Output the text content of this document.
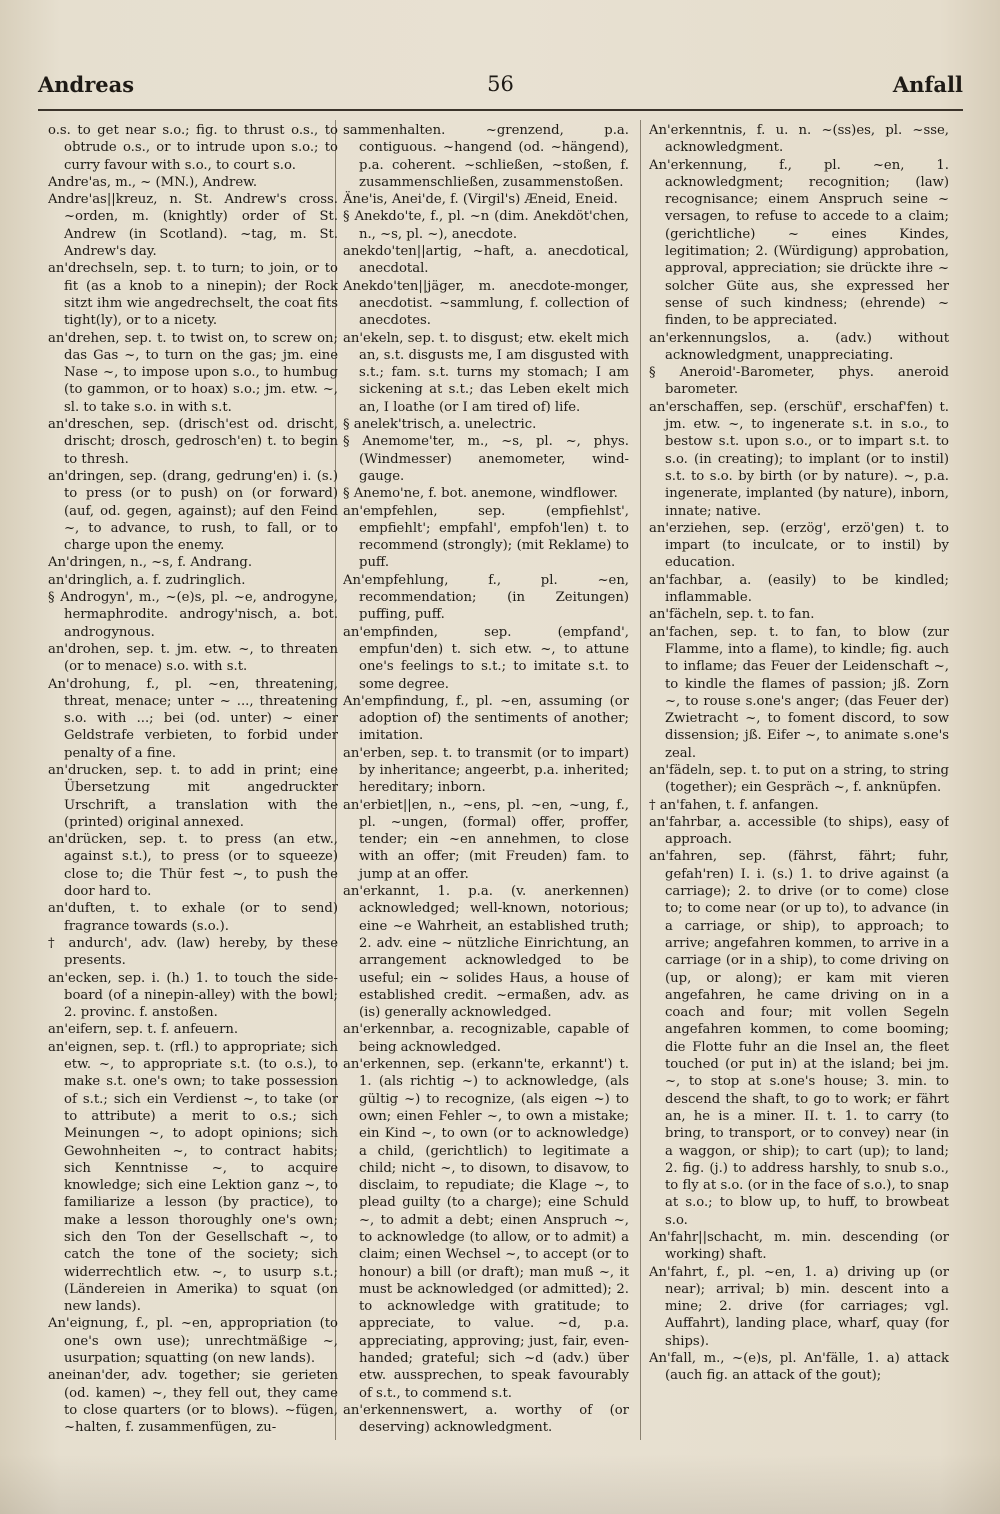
Andreas	56	Anfall

o.s. to get near s.o.; fig. to thrust o.s., to obtrude o.s., or to intrude upon s.o.; to curry favour with s.o., to court s.o.

Andre'as, m., ~ (MN.), Andrew.

Andre'as||kreuz, n. St. Andrew's cross. ~orden, m. (knightly) order of St. Andrew (in Scotland). ~tag, m. St. Andrew's day.

an'drechseln, sep. t. to turn; to join, or to fit (as a knob to a ninepin); der Rock sitzt ihm wie angedrechselt, the coat fits tight(ly), or to a nicety.

an'drehen, sep. t. to twist on, to screw on; das Gas ~, to turn on the gas; jm. eine Nase ~, to impose upon s.o., to humbug (to gammon, or to hoax) s.o.; jm. etw. ~, sl. to take s.o. in with s.t.

an'dreschen, sep. (drisch'est od. drischt, drischt; drosch, gedrosch'en) t. to begin to thresh.

an'dringen, sep. (drang, gedrung'en) i. (s.) to press (or to push) on (or forward) (auf, od. gegen, against); auf den Feind ~, to advance, to rush, to fall, or to charge upon the enemy.

An'dringen, n., ~s, f. Andrang.

an'dringlich, a. f. zudringlich.

§ Androgyn', m., ~(e)s, pl. ~e, androgyne, hermaphrodite. androgy'nisch, a. bot. androgynous.

an'drohen, sep. t. jm. etw. ~, to threaten (or to menace) s.o. with s.t.

An'drohung, f., pl. ~en, threatening, threat, menace; unter ~ ..., threatening s.o. with ...; bei (od. unter) ~ einer Geldstrafe verbieten, to forbid under penalty of a fine.

an'drucken, sep. t. to add in print; eine Übersetzung mit angedruckter Urschrift, a translation with the (printed) original annexed.

an'drücken, sep. t. to press (an etw., against s.t.), to press (or to squeeze) close to; die Thür fest ~, to push the door hard to.

an'duften, t. to exhale (or to send) fragrance towards (s.o.).

† andurch', adv. (law) hereby, by these presents.

an'ecken, sep. i. (h.) 1. to touch the side-board (of a ninepin-alley) with the bowl; 2. provinc. f. anstoßen.

an'eifern, sep. t. f. anfeuern.

an'eignen, sep. t. (rfl.) to appropriate; sich etw. ~, to appropriate s.t. (to o.s.), to make s.t. one's own; to take possession of s.t.; sich ein Verdienst ~, to take (or to attribute) a merit to o.s.; sich Meinungen ~, to adopt opinions; sich Gewohnheiten ~, to contract habits; sich Kenntnisse ~, to acquire knowledge; sich eine Lektion ganz ~, to familiarize a lesson (by practice), to make a lesson thoroughly one's own; sich den Ton der Gesellschaft ~, to catch the tone of the society; sich widerrechtlich etw. ~, to usurp s.t.; (Ländereien in Amerika) to squat (on new lands).

An'eignung, f., pl. ~en, appropriation (to one's own use); unrechtmäßige ~, usurpation; squatting (on new lands).

aneinan'der, adv. together; sie gerieten (od. kamen) ~, they fell out, they came to close quarters (or to blows). ~fügen, ~halten, f. zusammenfügen, zu-

sammenhalten. ~grenzend, p.a. contiguous. ~hangend (od. ~hängend), p.a. coherent. ~schließen, ~stoßen, f. zusammenschließen, zusammenstoßen.

Äne'is, Anei'de, f. (Virgil's) Æneid, Eneid.

§ Anekdo'te, f., pl. ~n (dim. Anekdöt'chen, n., ~s, pl. ~), anecdote.

anekdo'ten||artig, ~haft, a. anecdotical, anecdotal.

Anekdo'ten||jäger, m. anecdote-monger, anecdotist. ~sammlung, f. collection of anecdotes.

an'ekeln, sep. t. to disgust; etw. ekelt mich an, s.t. disgusts me, I am disgusted with s.t.; fam. s.t. turns my stomach; I am sickening at s.t.; das Leben ekelt mich an, I loathe (or I am tired of) life.

§ anelek'trisch, a. unelectric.

§ Anemome'ter, m., ~s, pl. ~, phys. (Windmesser) anemometer, wind-gauge.

§ Anemo'ne, f. bot. anemone, windflower.

an'empfehlen, sep. (empfiehlst', empfiehlt'; empfahl', empfoh'len) t. to recommend (strongly); (mit Reklame) to puff.

An'empfehlung, f., pl. ~en, recommendation; (in Zeitungen) puffing, puff.

an'empfinden, sep. (empfand', empfun'den) t. sich etw. ~, to attune one's feelings to s.t.; to imitate s.t. to some degree.

An'empfindung, f., pl. ~en, assuming (or adoption of) the sentiments of another; imitation.

an'erben, sep. t. to transmit (or to impart) by inheritance; angeerbt, p.a. inherited; hereditary; inborn.

an'erbiet||en, n., ~ens, pl. ~en, ~ung, f., pl. ~ungen, (formal) offer, proffer, tender; ein ~en annehmen, to close with an offer; (mit Freuden) fam. to jump at an offer.

an'erkannt, 1. p.a. (v. anerkennen) acknowledged; well-known, notorious; eine ~e Wahrheit, an established truth; 2. adv. eine ~ nützliche Einrichtung, an arrangement acknowledged to be useful; ein ~ solides Haus, a house of established credit. ~ermaßen, adv. as (is) generally acknowledged.

an'erkennbar, a. recognizable, capable of being acknowledged.

an'erkennen, sep. (erkann'te, erkannt') t. 1. (als richtig ~) to acknowledge, (als gültig ~) to recognize, (als eigen ~) to own; einen Fehler ~, to own a mistake; ein Kind ~, to own (or to acknowledge) a child, (gerichtlich) to legitimate a child; nicht ~, to disown, to disavow, to disclaim, to repudiate; die Klage ~, to plead guilty (to a charge); eine Schuld ~, to admit a debt; einen Anspruch ~, to acknowledge (to allow, or to admit) a claim; einen Wechsel ~, to accept (or to honour) a bill (or draft); man muß ~, it must be acknowledged (or admitted); 2. to acknowledge with gratitude; to appreciate, to value. ~d, p.a. appreciating, approving; just, fair, even-handed; grateful; sich ~d (adv.) über etw. aussprechen, to speak favourably of s.t., to commend s.t.

an'erkennenswert, a. worthy of (or deserving) acknowledgment.

An'erkenntnis, f. u. n. ~(ss)es, pl. ~sse, acknowledgment.

An'erkennung, f., pl. ~en, 1. acknowledgment; recognition; (law) recognisance; einem Anspruch seine ~ versagen, to refuse to accede to a claim; (gerichtliche) ~ eines Kindes, legitimation; 2. (Würdigung) approbation, approval, appreciation; sie drückte ihre ~ solcher Güte aus, she expressed her sense of such kindness; (ehrende) ~ finden, to be appreciated.

an'erkennungslos, a. (adv.) without acknowledgment, unappreciating.

§ Aneroid'-Barometer, phys. aneroid barometer.

an'erschaffen, sep. (erschüf', erschaf'fen) t. jm. etw. ~, to ingenerate s.t. in s.o., to bestow s.t. upon s.o., or to impart s.t. to s.o. (in creating); to implant (or to instil) s.t. to s.o. by birth (or by nature). ~, p.a. ingenerate, implanted (by nature), inborn, innate; native.

an'erziehen, sep. (erzög', erzö'gen) t. to impart (to inculcate, or to instil) by education.

an'fachbar, a. (easily) to be kindled; inflammable.

an'fächeln, sep. t. to fan.

an'fachen, sep. t. to fan, to blow (zur Flamme, into a flame), to kindle; fig. auch to inflame; das Feuer der Leidenschaft ~, to kindle the flames of passion; jß. Zorn ~, to rouse s.one's anger; (das Feuer der) Zwietracht ~, to foment discord, to sow dissension; jß. Eifer ~, to animate s.one's zeal.

an'fädeln, sep. t. to put on a string, to string (together); ein Gespräch ~, f. anknüpfen.

† an'fahen, t. f. anfangen.

an'fahrbar, a. accessible (to ships), easy of approach.

an'fahren, sep. (fährst, fährt; fuhr, gefah'ren) I. i. (s.) 1. to drive against (a carriage); 2. to drive (or to come) close to; to come near (or up to), to advance (in a carriage, or ship), to approach; to arrive; angefahren kommen, to arrive in a carriage (or in a ship), to come driving on (up, or along); er kam mit vieren angefahren, he came driving on in a coach and four; mit vollen Segeln angefahren kommen, to come booming; die Flotte fuhr an die Insel an, the fleet touched (or put in) at the island; bei jm. ~, to stop at s.one's house; 3. min. to descend the shaft, to go to work; er fährt an, he is a miner. II. t. 1. to carry (to bring, to transport, or to convey) near (in a waggon, or ship); to cart (up); to land; 2. fig. (j.) to address harshly, to snub s.o., to fly at s.o. (or in the face of s.o.), to snap at s.o.; to blow up, to huff, to browbeat s.o.

An'fahr||schacht, m. min. descending (or working) shaft.

An'fahrt, f., pl. ~en, 1. a) driving up (or near); arrival; b) min. descent into a mine; 2. drive (for carriages; vgl. Auffahrt), landing place, wharf, quay (for ships).

An'fall, m., ~(e)s, pl. An'fälle, 1. a) attack (auch fig. an attack of the gout);
